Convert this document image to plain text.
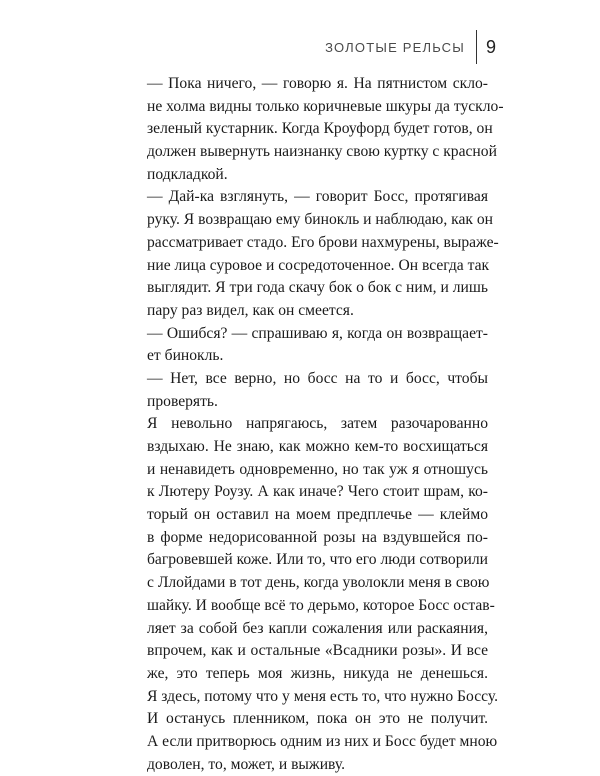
ЗОЛОТЫЕ РЕЛЬСЫ	9
— Пока ничего, — говорю я. На пятнистом скло-
не холма видны только коричневые шкуры да тускло-
зеленый кустарник. Когда Кроуфорд будет готов, он
должен вывернуть наизнанку свою куртку с красной
подкладкой.
— Дай-ка взглянуть, — говорит Босс, протягивая
руку. Я возвращаю ему бинокль и наблюдаю, как он
рассматривает стадо. Его брови нахмурены, выраже-
ние лица суровое и сосредоточенное. Он всегда так
выглядит. Я три года скачу бок о бок с ним, и лишь
пару раз видел, как он смеется.
— Ошибся? — спрашиваю я, когда он возвращает-
ет бинокль.
— Нет, все верно, но босс на то и босс, чтобы
проверять.
Я невольно напрягаюсь, затем разочарованно
вздыхаю. Не знаю, как можно кем-то восхищаться
и ненавидеть одновременно, но так уж я отношусь
к Лютеру Роузу. А как иначе? Чего стоит шрам, ко-
торый он оставил на моем предплечье — клеймо
в форме недорисованной розы на вздувшейся по-
багровевшей коже. Или то, что его люди сотворили
с Ллойдами в тот день, когда уволокли меня в свою
шайку. И вообще всё то дерьмо, которое Босс остав-
ляет за собой без капли сожаления или раскаяния,
впрочем, как и остальные «Всадники розы». И все
же, это теперь моя жизнь, никуда не денешься.
Я здесь, потому что у меня есть то, что нужно Боссу.
И останусь пленником, пока он это не получит.
А если притворюсь одним из них и Босс будет мною
доволен, то, может, и выживу.
